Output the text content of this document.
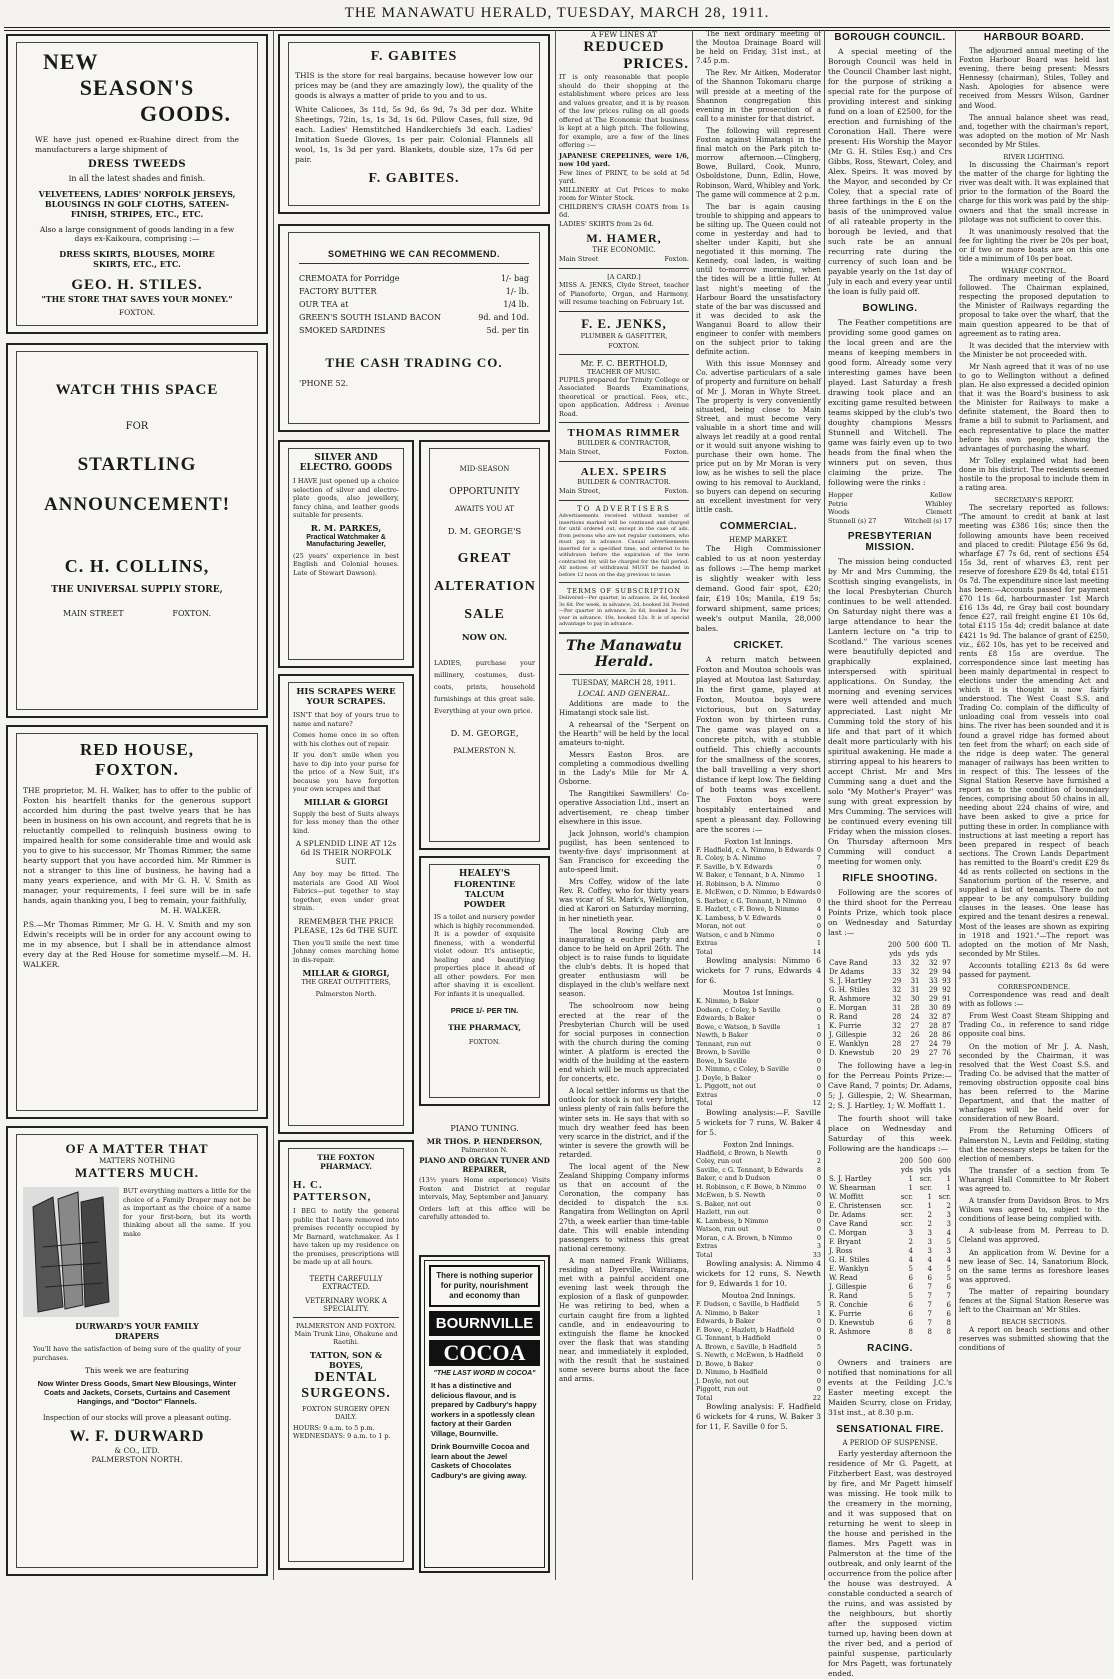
THE MANAWATU HERALD, TUESDAY, MARCH 28, 1911.
NEW
SEASON'S
GOODS.
WE have just opened ex-Ruahine direct from the manufacturers a large shipment of
DRESS TWEEDS
in all the latest shades and finish.
VELVETEENS, LADIES' NORFOLK JERSEYS, BLOUSINGS IN GOLF CLOTHS, SATEEN-FINISH, STRIPES, ETC., ETC.
Also a large consignment of goods landing in a few days ex-Kaikoura, comprising :—
DRESS SKIRTS, BLOUSES, MOIRE SKIRTS, ETC., ETC.
GEO. H. STILES.
"THE STORE THAT SAVES YOUR MONEY."
FOXTON.
WATCH THIS SPACE
FOR
STARTLING
ANNOUNCEMENT!
C. H. COLLINS,
THE UNIVERSAL SUPPLY STORE,
MAIN STREET	FOXTON.
RED HOUSE,
FOXTON.
THE proprietor, M. H. Walker, has to offer to the public of Foxton his heartfelt thanks for the generous support accorded him during the past twelve years that he has been in business on his own account, and regrets that he is reluctantly compelled to relinquish business owing to impaired health for some considerable time and would ask you to give to his successor, Mr Thomas Rimmer, the same hearty support that you have accorded him. Mr Rimmer is not a stranger to this line of business, he having had a many years experience, and with Mr G. H. V. Smith as manager, your requirements, I feel sure will be in safe hands, again thanking you, I beg to remain, your faithfully,
M. H. WALKER.
P.S.—Mr Thomas Rimmer, Mr G. H. V. Smith and my son Edwin's receipts will be in order for any account owing to me in my absence, but I shall be in attendance almost every day at the Red House for sometime myself.—M. H. WALKER.
OF A MATTER THAT
MATTERS NOTHING
MATTERS MUCH.
BUT everything matters a little for the choice of a Family Draper may not be as important as the choice of a name for your first-born, but its worth thinking about all the same. If you make
DURWARD'S YOUR FAMILY
DRAPERS
You'll have the satisfaction of being sure of the quality of your purchases.
This week we are featuring
Now Winter Dress Goods, Smart New Blousings, Winter Coats and Jackets, Corsets, Curtains and Casement Hangings, and "Doctor" Flannels.
Inspection of our stocks will prove a pleasant outing.
W. F. DURWARD
& CO., LTD.
PALMERSTON NORTH.
F. GABITES
THIS is the store for real bargains, because however low our prices may be (and they are amazingly low), the quality of the goods is always a matter of pride to you and to us.
White Calicoes, 3s 11d, 5s 9d, 6s 9d, 7s 3d per doz. White Sheetings, 72in, 1s, 1s 3d, 1s 6d. Pillow Cases, full size, 9d each. Ladies' Hemstitched Handkerchiefs 3d each. Ladies' Imitation Suede Gloves, 1s per pair. Colonial Flannels all wool, 1s, 1s 3d per yard. Blankets, double size, 17s 6d per pair.
F. GABITES.
SOMETHING WE CAN RECOMMEND.
CREMOATA for Porridge	1/- bag
FACTORY BUTTER	1/- lb.
OUR TEA at	1/4 lb.
GREEN'S SOUTH ISLAND BACON	9d. and 10d.
SMOKED SARDINES	5d. per tin
THE CASH TRADING CO.
'PHONE 52.
SILVER AND
ELECTRO. GOODS
I HAVE just opened up a choice selection of silver and electro-plate goods, also jewellery, fancy china, and leather goods suitable for presents.
R. M. PARKES,
Practical Watchmaker & Manufacturing Jeweller,
(25 years' experience in best English and Colonial houses. Late of Stewart Dawson).
HIS SCRAPES WERE
YOUR SCRAPES.
ISN'T that boy of yours true to name and nature?
Comes home once in so often with his clothes out of repair.
If you don't smile when you have to dip into your purse for the price of a New Suit, it's because you have forgotten your own scrapes and that
MILLAR & GIORGI
Supply the best of Suits always for less money than the other kind.
A SPLENDID LINE AT 12s 6d IS THEIR NORFOLK SUIT.
Any boy may be fitted. The materials are Good All Wool Fabrics—put together to stay together, even under great strain.
REMEMBER THE PRICE PLEASE, 12s 6d THE SUIT.
Then you'll smile the next time Johnny comes marching home in dis-repair.
MILLAR & GIORGI,
THE GREAT OUTFITTERS,
Palmerston North.
MID-SEASON
OPPORTUNITY
AWAITS YOU AT
D. M. GEORGE'S
GREAT
ALTERATION
SALE
NOW ON.
LADIES, purchase your millinery, costumes, dust-coats, prints, household furnishings at this great sale. Everything at your own price.
D. M. GEORGE,
PALMERSTON N.
HEALEY'S
FLORENTINE TALCUM
POWDER
IS a toilet and nursery powder which is highly recommended. It is a powder of exquisite fineness, with a wonderful violet odour. It's antiseptic, healing and beautifying properties place it ahead of all other powders. For men after shaving it is excellent. For infants it is unequalled.
PRICE 1/- PER TIN.
THE PHARMACY,
FOXTON.
THE FOXTON
PHARMACY.
H. C. PATTERSON,
I BEG to notify the general public that I have removed into premises recently occupied by Mr Barnard, watchmaker. As I have taken up my residence on the premises, prescriptions will be made up at all hours.
TEETH CAREFULLY EXTRACTED.
VETERINARY WORK A SPECIALITY.
PALMERSTON AND FOXTON.
Main Trunk Line, Ohakune and Raetihi.
TATTON, SON & BOYES,
DENTAL
SURGEONS.
FOXTON SURGERY OPEN DAILY.
HOURS: 9 a.m. to 5 p.m.
WEDNESDAYS: 9 a.m. to 1 p.
PIANO TUNING.
MR THOS. P. HENDERSON,
Palmerston N.
PIANO AND ORGAN TUNER AND REPAIRER,
(13½ years Home experience) Visits Foxton and District at regular intervals, May, September and January.
Orders left at this office will be carefully attended to.
There is nothing superior for purity, nourishment and economy than
BOURNVILLE
COCOA
"THE LAST WORD IN COCOA"
It has a distinctive and delicious flavour, and is prepared by Cadbury's happy workers in a spotlessly clean factory at their Garden Village, Bournville.
Drink Bournville Cocoa and learn about the Jewel Caskets of Chocolates Cadbury's are giving away.
A FEW LINES AT
REDUCED
PRICES.
IT is only reasonable that people should do their shopping at the establishment where prices are less and values greater, and it is by reason of the low prices ruling on all goods offered at The Economic that business is kept at a high pitch. The following, for example, are a few of the lines offering :—
JAPANESE CREPELINES, were 1/6, now 10d yard.
Few lines of PRINT, to be sold at 5d yard.
MILLINERY at Cut Prices to make room for Winter Stock.
CHILDREN'S CRASH COATS from 1s 6d.
LADIES' SKIRTS from 2s 6d.
M. HAMER,
THE ECONOMIC.
Main Street	Foxton.
[A CARD.]
MISS A. JENKS, Clyde Street, teacher of Pianoforte, Organ, and Harmony, will resume teaching on February 1st.
F. E. JENKS,
PLUMBER & GASFITTER,
FOXTON.
Mr. F. C. BERTHOLD,
TEACHER OF MUSIC.
PUPILS prepared for Trinity College or Associated Boards Examinations, theoretical or practical. Fees, etc., upon application. Address : Avenue Road.
THOMAS RIMMER
BUILDER & CONTRACTOR,
Main Street,	Foxton.
ALEX. SPEIRS
BUILDER & CONTRACTOR.
Main Street,	Foxton.
TO ADVERTISERS
Advertisements received without number of insertions marked will be continued and charged for until ordered out, except in the case of ads. from persons who are not regular customers, who must pay in advance. Casual advertisements inserted for a specified time, and ordered to be withdrawn before the expiration of the term contracted for, will be charged for the full period. All notices of withdrawal MUST be handed in before 12 noon on the day previous to issue.
TERMS OF SUBSCRIPTION
Delivered—Per quarter, in advance, 2s 6d, booked 3s 6d. Per week, in advance, 2d, booked 3d. Posted—Per quarter in advance, 2s 6d, booked 3s. Per year in advance, 10s, booked 12s. It is of special advantage to pay in advance.
The Manawatu Herald.
TUESDAY, MARCH 28, 1911.
LOCAL AND GENERAL.
Additions are made to the Himatangi stock sale list.
A rehearsal of the "Serpent on the Hearth" will be held by the local amateurs to-night.
Messrs Easton Bros. are completing a commodious dwelling in the Lady's Mile for Mr A. Osborne.
The Rangitikei Sawmillers' Co-operative Association Ltd., insert an advertisement, re cheap timber elsewhere in this issue.
Jack Johnson, world's champion pugilist, has been sentenced to twenty-five days' imprisonment at San Francisco for exceeding the auto-speed limit.
Mrs Coffey, widow of the late Rev. R. Coffey, who for thirty years was vicar of St. Mark's, Wellington, died at Karori on Saturday morning, in her ninetieth year.
The local Rowing Club are inaugurating a euchre party and dance to be held on April 26th. The object is to raise funds to liquidate the club's debts. It is hoped that greater enthusiasm will be displayed in the club's welfare next season.
The schoolroom now being erected at the rear of the Presbyterian Church will be used for social purposes in connection with the church during the coming winter. A platform is erected the width of the building at the eastern end which will be much appreciated for concerts, etc.
A local settler informs us that the outlook for stock is not very bright, unless plenty of rain falls before the winter sets in. He says that with so much dry weather feed has been very scarce in the district, and if the winter is severe the growth will be retarded.
The local agent of the New Zealand Shipping Company informs us that on account of the Coronation, the company has decided to dispatch the s.s. Rangatira from Wellington on April 27th, a week earlier than time-table date. This will enable intending passengers to witness this great national ceremony.
A man named Frank Williams, residing at Dyerville, Wairarapa, met with a painful accident one evening last week through the explosion of a flask of gunpowder. He was retiring to bed, when a curtain caught fire from a lighted candle, and in endeavouring to extinguish the flame he knocked over the flask that was standing near, and immediately it exploded, with the result that he sustained some severe burns about the face and arms.
The next ordinary meeting of the Moutoa Drainage Board will be held on Friday, 31st inst., at 7.45 p.m.
The Rev. Mr Aitken, Moderator of the Shannon Tokomaru charge will preside at a meeting of the Shannon congregation this evening in the prosecution of a call to a minister for that district.
The following will represent Foxton against Himatangi in the final match on the Park pitch to-morrow afternoon.—Clingberg, Bowe, Bullard, Cook, Munro, Osboldstone, Dunn, Edlin, Howe, Robinson, Ward, Whibley and York. The game will commence at 2 p.m.
The bar is again causing trouble to shipping and appears to be silting up. The Queen could not come in yesterday and had to shelter under Kapiti, but she negotiated it this morning. The Kennedy, coal laden, is waiting until to-morrow morning, when the tides will be a little fuller. At last night's meeting of the Harbour Board the unsatisfactory state of the bar was discussed and it was decided to ask the Wanganui Board to allow their engineer to confer with members on the subject prior to taking definite action.
With this issue Monnsey and Co. advertise particulars of a sale of property and furniture on behalf of Mr J. Moran in Whyte Street. The property is very conveniently situated, being close to Main Street, and must become very valuable in a short time and will always let readily at a good rental or it would suit anyone wishing to purchase their own home. The price put on by Mr Moran is very low, as he wishes to sell the place owing to his removal to Auckland, so buyers can depend on securing an excellent investment for very little cash.
COMMERCIAL.
HEMP MARKET.
The High Commissioner cabled to us at noon yesterday as follows :—The hemp market is slightly weaker with less demand. Good fair spot, £20; fair, £19 10s; Manila, £19 5s; forward shipment, same prices; week's output Manila, 28,000 bales.
CRICKET.
A return match between Foxton and Moutoa schools was played at Moutoa last Saturday. In the first game, played at Foxton, Moutoa boys were victorious, but on Saturday Foxton won by thirteen runs. The game was played on a concrete pitch, with a stubble outfield. This chiefly accounts for the smallness of the scores, the ball travelling a very short distance if kept low. The fielding of both teams was excellent. The Foxton boys were hospitably entertained and spent a pleasant day. Following are the scores :—
Foxton 1st Innings.
F. Hadfield, c A. Nimmo, b Edwards 0
R. Coley, b A. Nimmo	7
F. Saville, b V. Edwards	0
W. Baker, c Tennant, b A. Nimmo 1
H. Robinson, b A. Nimmo	0
E. McEwen, c D. Nimmo, b Edwards 0
S. Barber, c G. Tennant, b Nimmo 0
E. Hazlett, c F. Bowe, b Nimmo	4
K. Lambess, b V. Edwards	0
Moran, not out	0
Watson, c and b Nimmo	0
Extras	1
Total	14
Bowling analysis: Nimmo 6 wickets for 7 runs, Edwards 4 for 6.
Moutoa 1st Innings.
K. Nimmo, b Baker	0
Dodson, c Coley, b Saville	0
Edwards, b Baker	0
Bowe, c Watson, b Saville	1
Newth, b Baker	0
Tennant, run out	0
Brown, b Saville	0
Bowe, b Saville	0
D. Nimmo, c Coley, b Saville	0
J. Doyle, b Baker	0
L. Piggott, not out	0
Extras	0
Total	12
Bowling analysis:—F. Saville 5 wickets for 7 runs, W. Baker 4 for 5.
Foxton 2nd Innings.
Hadfield, c Brown, b Newth	0
Coley, run out	2
Saville, c G. Tennant, b Edwards 8
Baker, c and b Dudson	0
H. Robinson, c F. Bowe, b Nimmo 0
McEwen, b S. Newth	0
S. Baker, not out	0
Hazlett, run out	0
K. Lambess, b Nimmo	0
Watson, run out	0
Moran, c A. Brown, b Nimmo	0
Extras	3
Total	33
Bowling analysis: A. Nimmo 4 wickets for 12 runs, S. Newth for 9, Edwards 1 for 10.
Moutoa 2nd Innings.
F. Dudson, c Saville, b Hadfield	5
A. Nimmo, b Baker	1
Edwards, b Baker	0
F. Bowe, c Hazlett, b Hadfield	0
G. Tennant, b Hadfield	0
A. Brown, c Saville, b Hadfield	5
S. Newth, c McEwen, b Hadfield 0
D. Bowe, b Baker	0
D. Nimmo, b Hadfield	0
J. Doyle, not out	0
Piggott, run out	0
Total	22
Bowling analysis: F. Hadfield 6 wickets for 4 runs, W. Baker 3 for 11, F. Saville 0 for 5.
BOROUGH COUNCIL.
A special meeting of the Borough Council was held in the Council Chamber last night, for the purpose of striking a special rate for the purpose of providing interest and sinking fund on a loan of £2500, for the erection and furnishing of the Coronation Hall. There were present: His Worship the Mayor (Mr G. H. Stiles Esq.) and Crs Gibbs, Ross, Stewart, Coley, and Alex. Speirs. It was moved by the Mayor, and seconded by Cr Coley, that a special rate of three farthings in the £ on the basis of the unimproved value of all rateable property in the borough be levied, and that such rate be an annual recurring rate during the currency of such loan and be payable yearly on the 1st day of July in each and every year until the loan is fully paid off.
BOWLING.
The Feather competitions are providing some good games on the local green and are the means of keeping members in good form. Already some very interesting games have been played. Last Saturday a fresh drawing took place and an exciting game resulted between teams skipped by the club's two doughty champions Messrs Stunnell and Witchell. The game was fairly even up to two heads from the final when the winners put on seven, thus claiming the prize. The following were the rinks :
Hopper	Kellow
Petrie	Whibley
Woods	Clemett
Stunnell (s) 27	Witchell (s) 17
PRESBYTERIAN MISSION.
The mission being conducted by Mr and Mrs Cumming, the Scottish singing evangelists, in the local Presbyterian Church continues to be well attended. On Saturday night there was a large attendance to hear the Lantern lecture on "a trip to Scotland." The various scenes were beautifully depicted and graphically explained, interspersed with spiritual applications. On Sunday, the morning and evening services were well attended and much appreciated. Last night Mr Cumming told the story of his life and that part of it which dealt more particularly with his spiritual awakening. He made a stirring appeal to his hearers to accept Christ. Mr and Mrs Cumming sang a duet and the solo "My Mother's Prayer" was sung with great expression by Mrs Cumming. The services will be continued every evening till Friday when the mission closes. On Thursday afternoon Mrs Cumming will conduct a meeting for women only.
RIFLE SHOOTING.
Following are the scores of the third shoot for the Perreau Points Prize, which took place on Wednesday and Saturday last :—
	200	500	600	Tl.
	yds	yds	yds	
Cave Rand	33	32	32	97
Dr Adams	33	32	29	94
S. J. Hartley	29	31	33	93
G. H. Stiles	32	31	29	92
R. Ashmore	32	30	29	91
E. Morgan	31	28	30	89
R. Rand	28	24	32	87
K. Furrie	32	27	28	87
J. Gillespie	32	26	28	86
E. Wanklyn	28	27	24	79
D. Knewstub	20	29	27	76
The following have a leg-in for the Perreau Points Prize:—Cave Rand, 7 points; Dr. Adams, 5; J. Gillespie, 2; W. Shearman, 2; S. J. Hartley, 1; W. Moffatt 1.
The fourth shoot will take place on Wednesday and Saturday of this week. Following are the handicaps :—
	200	500	600
	yds	yds	yds
S. J. Hartley	1	scr.	1
W. Shearman	1	scr.	1
W. Moffitt	scr.	1	scr.
E. Christensen	scr.	1	2
Dr. Adams	scr.	2	3
Cave Rand	scr.	2	3
C. Morgan	3	3	4
F. Bryant	2	3	5
J. Ross	4	3	3
G. H. Stiles	4	4	4
E. Wanklyn	5	4	5
W. Read	6	6	5
J. Gillespie	6	7	6
R. Rand	5	7	7
R. Conchie	6	7	6
K. Furrie	6	7	6
D. Knewstub	6	7	8
R. Ashmore	8	8	8
RACING.
Owners and trainers are notified that nominations for all events at the Feilding J.C.'s Easter meeting except the Maiden Scurry, close on Friday, 31st inst., at 8.30 p.m.
SENSATIONAL FIRE.
A PERIOD OF SUSPENSE.
Early yesterday afternoon the residence of Mr G. Pagett, at Fitzherbert East, was destroyed by fire, and Mr Pagett himself was missing. He took milk to the creamery in the morning, and it was supposed that on returning he went to sleep in the house and perished in the flames. Mrs Pagett was in Palmerston at the time of the outbreak, and only learnt of the occurrence from the police after the house was destroyed. A constable conducted a search of the ruins, and was assisted by the neighbours, but shortly after the supposed victim turned up, having been down at the river bed, and a period of painful suspense, particularly for Mrs Pagett, was fortunately ended.
HARBOUR BOARD.
The adjourned annual meeting of the Foxton Harbour Board was held last evening, there being present: Messrs Hennessy (chairman), Stiles, Tolley and Nash. Apologies for absence were received from Messrs Wilson, Gardner and Wood.
The annual balance sheet was read, and, together with the chairman's report, was adopted on the motion of Mr Nash seconded by Mr Stiles.
RIVER LIGHTING.
In discussing the Chairman's report the matter of the charge for lighting the river was dealt with. It was explained that prior to the formation of the Board the charge for this work was paid by the ship-owners and that the small increase in pilotage was not sufficient to cover this.
It was unanimously resolved that the fee for lighting the river be 20s per boat, or if two or more boats are on this one tide a minimum of 10s per boat.
WHARF CONTROL.
The ordinary meeting of the Board followed. The Chairman explained, respecting the proposed deputation to the Minister of Railways regarding the proposal to take over the wharf, that the main question appeared to be that of agreement as to rating area.
It was decided that the interview with the Minister be not proceeded with.
Mr Nash agreed that it was of no use to go to Wellington without a defined plan. He also expressed a decided opinion that it was the Board's business to ask the Minister for Railways to make a definite statement, the Board then to frame a bill to submit to Parliament, and each representative to place the matter before his own people, showing the advantages of purchasing the wharf.
Mr Tolley explained what had been done in his district. The residents seemed hostile to the proposal to include them in a rating area.
SECRETARY'S REPORT.
The secretary reported as follows: "The amount to credit at bank at last meeting was £386 16s; since then the following amounts have been received and placed to credit: Pilotage £56 9s 6d, wharfage £7 7s 6d, rent of sections £54 15s 3d, rent of wharves £3, rent per reserve of foreshore £29 8s 4d, total £151 0s 7d. The expenditure since last meeting has been:—Accounts passed for payment £70 11s 6d, harbourmaster 1st March £16 13s 4d, re Gray bail cost boundary fence £27, rail freight engine £1 10s 6d, total £115 15s 4d; credit balance at date £421 1s 9d. The balance of grant of £250, viz., £62 10s, has yet to be received and rents £8 15s are overdue. The correspondence since last meeting has been mainly departmental in respect to elections under the amending Act and which it is thought is now fairly understood. The West Coast S.S. and Trading Co. complain of the difficulty of unloading coal from vessels into coal bins. The river has been sounded and it is found a gravel ridge has formed about ten feet from the wharf; on each side of the ridge is deep water. The general manager of railways has been written to in respect of this. The lessees of the Signal Station Reserve have furnished a report as to the condition of boundary fences, comprising about 50 chains in all, needing about 224 chains of wire, and have been asked to give a price for putting these in order. In compliance with instructions at last meeting a report has been prepared in respect of beach sections. The Crown Lands Department has remitted to the Board's credit £29 8s 4d as rents collected on sections in the Sanatorium portion of the reserve, and supplied a list of tenants. There do not appear to be any compulsory building clauses in the leases. One lease has expired and the tenant desires a renewal. Most of the leases are shown as expiring in 1918 and 1921."—The report was adopted on the motion of Mr Nash, seconded by Mr Stiles.
Accounts totalling £213 8s 6d were passed for payment.
CORRESPONDENCE.
Correspondence was read and dealt with as follows :—
From West Coast Steam Shipping and Trading Co., in reference to sand ridge opposite coal bins.
On the motion of Mr J. A. Nash, seconded by the Chairman, it was resolved that the West Coast S.S. and Trading Co. be advised that the matter of removing obstruction opposite coal bins has been referred to the Marine Department, and that the matter of wharfages will be held over for consideration of new Board.
From the Returning Officers of Palmerston N., Levin and Feilding, stating that the necessary steps be taken for the election of members.
The transfer of a section from Te Wharangi Hall Committee to Mr Robert was agreed to.
A transfer from Davidson Bros. to Mrs Wilson was agreed to, subject to the conditions of lease being complied with.
A sub-lease from M. Perreau to D. Cleland was approved.
An application from W. Devine for a new lease of Sec. 14, Sanatorium Block, on the same terms as foreshore leases was approved.
The matter of repairing boundary fences at the Signal Station Reserve was left to the Chairman an' Mr Stiles.
BEACH SECTIONS.
A report on beach sections and other reserves was submitted showing that the conditions of
